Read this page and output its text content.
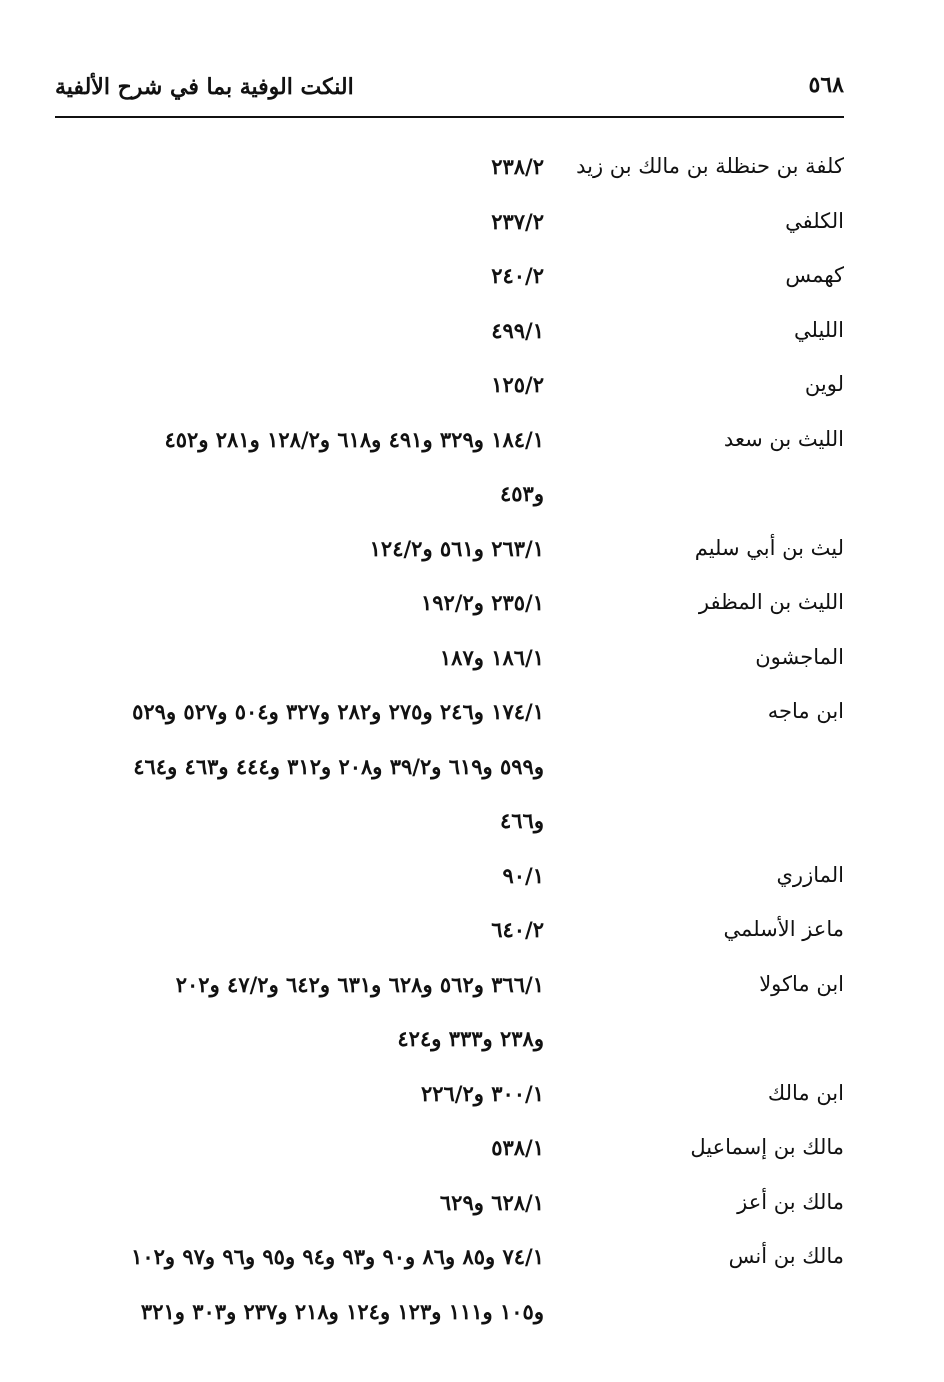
٥٦٨
النكت الوفية بما في شرح الألفية
كلفة بن حنظلة بن مالك بن زيد
٢٣٨/٢
الكلفي
٢٣٧/٢
كهمس
٢٤٠/٢
الليلي
٤٩٩/١
لوين
١٢٥/٢
الليث بن سعد
١٨٤/١ و٣٢٩ و٤٩١ و٦١٨ و١٢٨/٢ و٢٨١ و٤٥٢
و٤٥٣
ليث بن أبي سليم
٢٦٣/١ و٥٦١ و١٢٤/٢
الليث بن المظفر
٢٣٥/١ و١٩٢/٢
الماجشون
١٨٦/١ و١٨٧
ابن ماجه
١٧٤/١ و٢٤٦ و٢٧٥ و٢٨٢ و٣٢٧ و٥٠٤ و٥٢٧ و٥٢٩
و٥٩٩ و٦١٩ و٣٩/٢ و٢٠٨ و٣١٢ و٤٤٤ و٤٦٣ و٤٦٤
و٤٦٦
المازري
٩٠/١
ماعز الأسلمي
٦٤٠/٢
ابن ماكولا
٣٦٦/١ و٥٦٢ و٦٢٨ و٦٣١ و٦٤٢ و٤٧/٢ و٢٠٢
و٢٣٨ و٣٣٣ و٤٢٤
ابن مالك
٣٠٠/١ و٢٢٦/٢
مالك بن إسماعيل
٥٣٨/١
مالك بن أعز
٦٢٨/١ و٦٢٩
مالك بن أنس
٧٤/١ و٨٥ و٨٦ و٩٠ و٩٣ و٩٤ و٩٥ و٩٦ و٩٧ و١٠٢
و١٠٥ و١١١ و١٢٣ و١٢٤ و٢١٨ و٢٣٧ و٣٠٣ و٣٢١
